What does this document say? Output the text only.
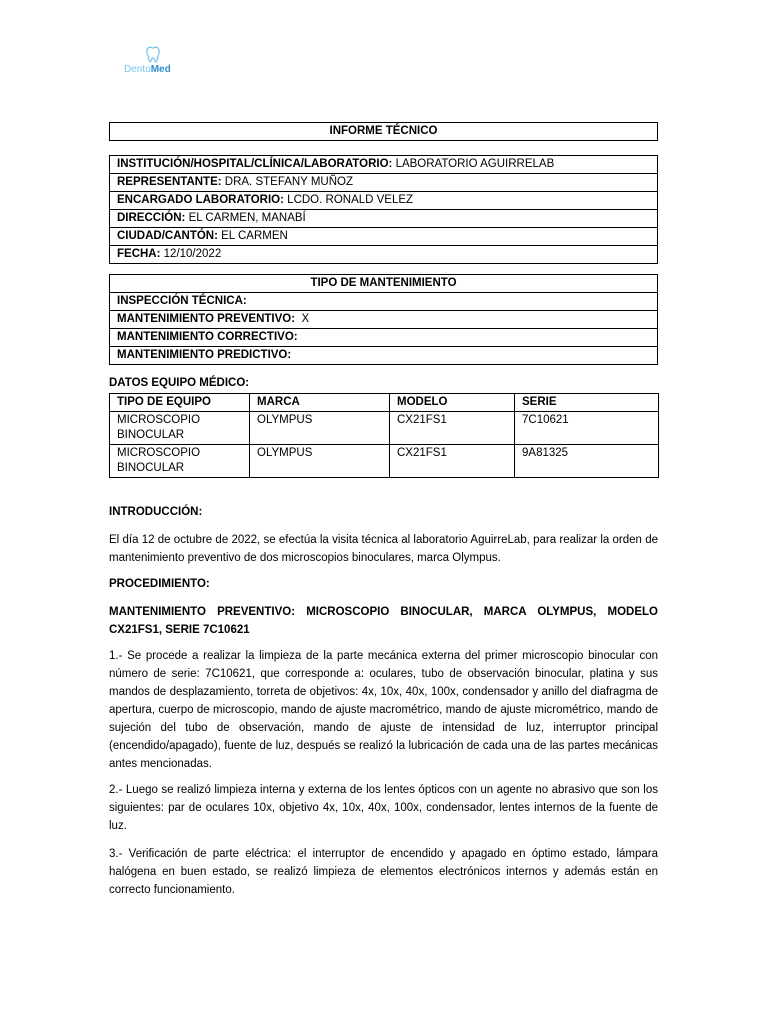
DentoMed
INFORME TÉCNICO
INSTITUCIÓN/HOSPITAL/CLÍNICA/LABORATORIO: LABORATORIO AGUIRRELAB
REPRESENTANTE: DRA. STEFANY MUÑOZ
ENCARGADO LABORATORIO: LCDO. RONALD VELEZ
DIRECCIÓN: EL CARMEN, MANABÍ
CIUDAD/CANTÓN: EL CARMEN
FECHA: 12/10/2022
TIPO DE MANTENIMIENTO
INSPECCIÓN TÉCNICA:
MANTENIMIENTO PREVENTIVO: X
MANTENIMIENTO CORRECTIVO:
MANTENIMIENTO PREDICTIVO:
DATOS EQUIPO MÉDICO:
TIPO DE EQUIPO	MARCA	MODELO	SERIE
MICROSCOPIO BINOCULAR	OLYMPUS	CX21FS1	7C10621
MICROSCOPIO BINOCULAR	OLYMPUS	CX21FS1	9A81325
INTRODUCCIÓN:
El día 12 de octubre de 2022, se efectúa la visita técnica al laboratorio AguirreLab, para realizar la orden de mantenimiento preventivo de dos microscopios binoculares, marca Olympus.
PROCEDIMIENTO:
MANTENIMIENTO PREVENTIVO: MICROSCOPIO BINOCULAR, MARCA OLYMPUS, MODELO CX21FS1, SERIE 7C10621
1.- Se procede a realizar la limpieza de la parte mecánica externa del primer microscopio binocular con número de serie: 7C10621, que corresponde a: oculares, tubo de observación binocular, platina y sus mandos de desplazamiento, torreta de objetivos: 4x, 10x, 40x, 100x, condensador y anillo del diafragma de apertura, cuerpo de microscopio, mando de ajuste macrométrico, mando de ajuste micrométrico, mando de sujeción del tubo de observación, mando de ajuste de intensidad de luz, interruptor principal (encendido/apagado), fuente de luz, después se realizó la lubricación de cada una de las partes mecánicas antes mencionadas.
2.- Luego se realizó limpieza interna y externa de los lentes ópticos con un agente no abrasivo que son los siguientes: par de oculares 10x, objetivo 4x, 10x, 40x, 100x, condensador, lentes internos de la fuente de luz.
3.- Verificación de parte eléctrica: el interruptor de encendido y apagado en óptimo estado, lámpara halógena en buen estado, se realizó limpieza de elementos electrónicos internos y además están en correcto funcionamiento.
